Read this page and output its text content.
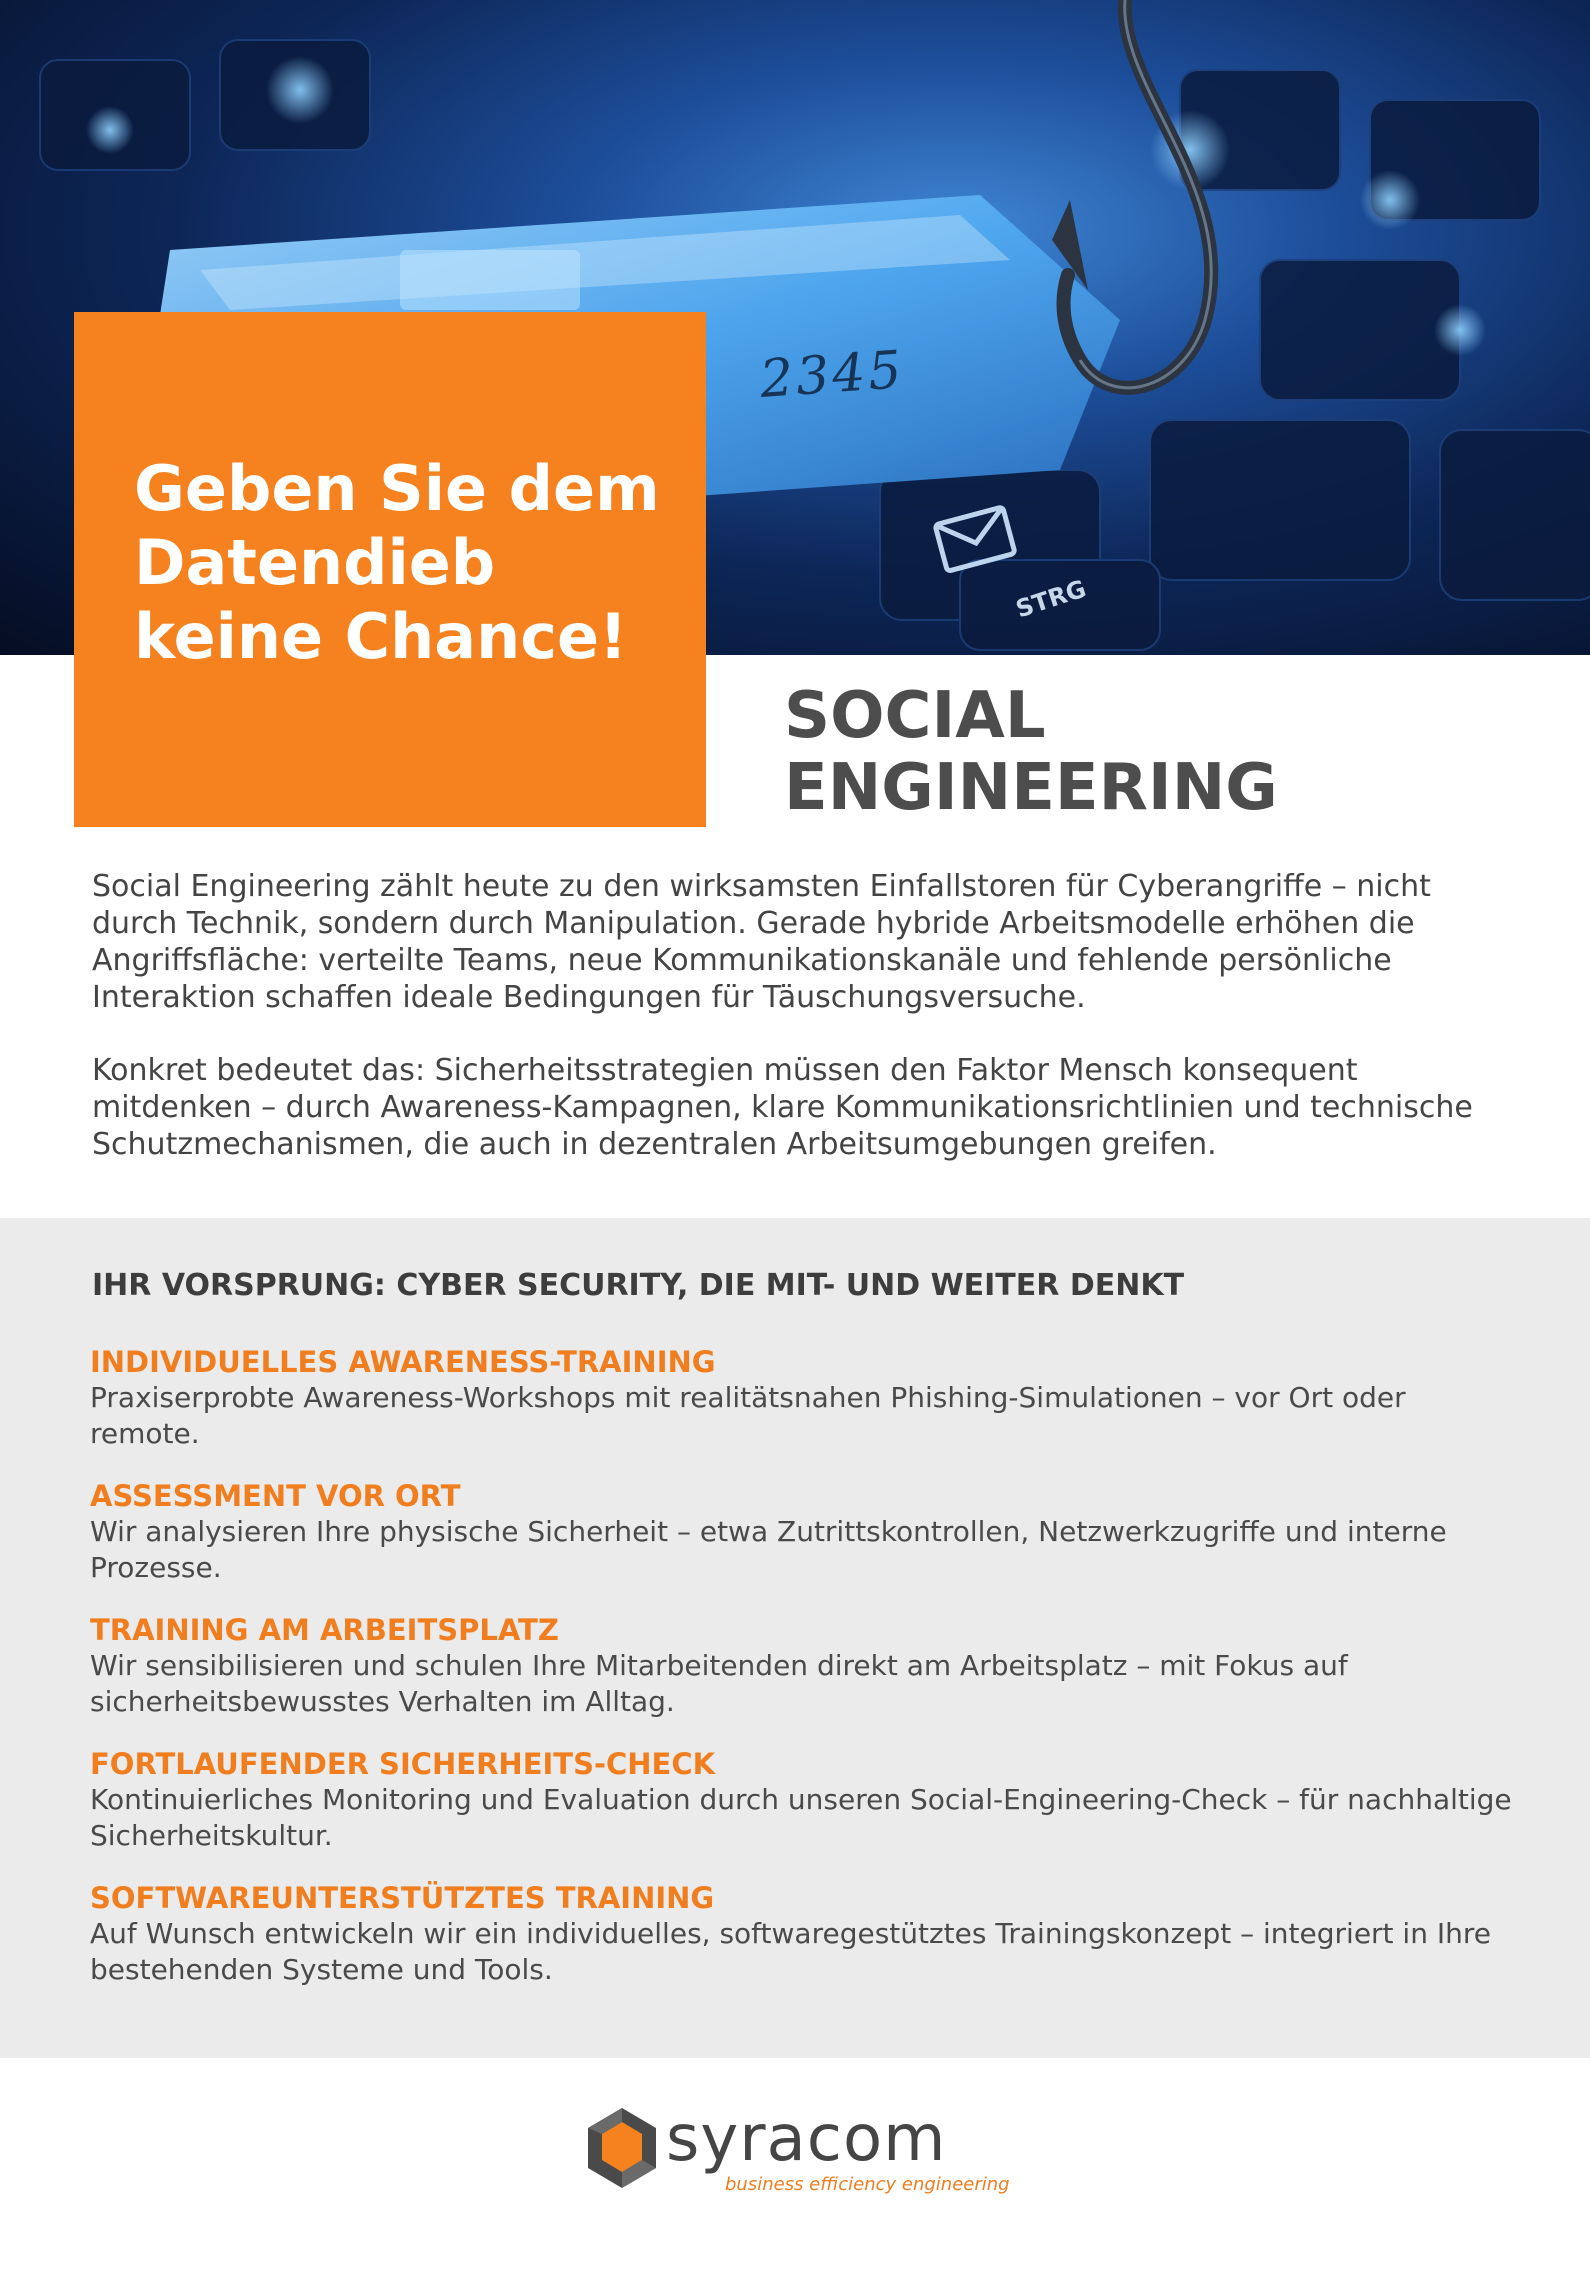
2345
STRG
Geben Sie dem
Datendieb
keine Chance!
SOCIAL
ENGINEERING

Social Engineering zählt heute zu den wirksamsten Einfallstoren für Cyberangriffe – nicht durch Technik, sondern durch Manipulation. Gerade hybride Arbeitsmodelle erhöhen die Angriffsfläche: verteilte Teams, neue Kommunikationskanäle und fehlende persönliche Interaktion schaffen ideale Bedingungen für Täuschungsversuche.

Konkret bedeutet das: Sicherheitsstrategien müssen den Faktor Mensch konsequent mitdenken – durch Awareness-Kampagnen, klare Kommunikationsrichtlinien und technische Schutzmechanismen, die auch in dezentralen Arbeitsumgebungen greifen.

IHR VORSPRUNG: CYBER SECURITY, DIE MIT- UND WEITER DENKT

INDIVIDUELLES AWARENESS-TRAINING

Praxiserprobte Awareness-Workshops mit realitätsnahen Phishing-Simulationen – vor Ort oder remote.

ASSESSMENT VOR ORT

Wir analysieren Ihre physische Sicherheit – etwa Zutrittskontrollen, Netzwerkzugriffe und interne Prozesse.

TRAINING AM ARBEITSPLATZ

Wir sensibilisieren und schulen Ihre Mitarbeitenden direkt am Arbeitsplatz – mit Fokus auf sicherheitsbewusstes Verhalten im Alltag.

FORTLAUFENDER SICHERHEITS-CHECK

Kontinuierliches Monitoring und Evaluation durch unseren Social-Engineering-Check – für nachhaltige Sicherheitskultur.

SOFTWAREUNTERSTÜTZTES TRAINING

Auf Wunsch entwickeln wir ein individuelles, softwaregestütztes Trainingskonzept – integriert in Ihre bestehenden Systeme und Tools.

syracom
business efficiency engineering
